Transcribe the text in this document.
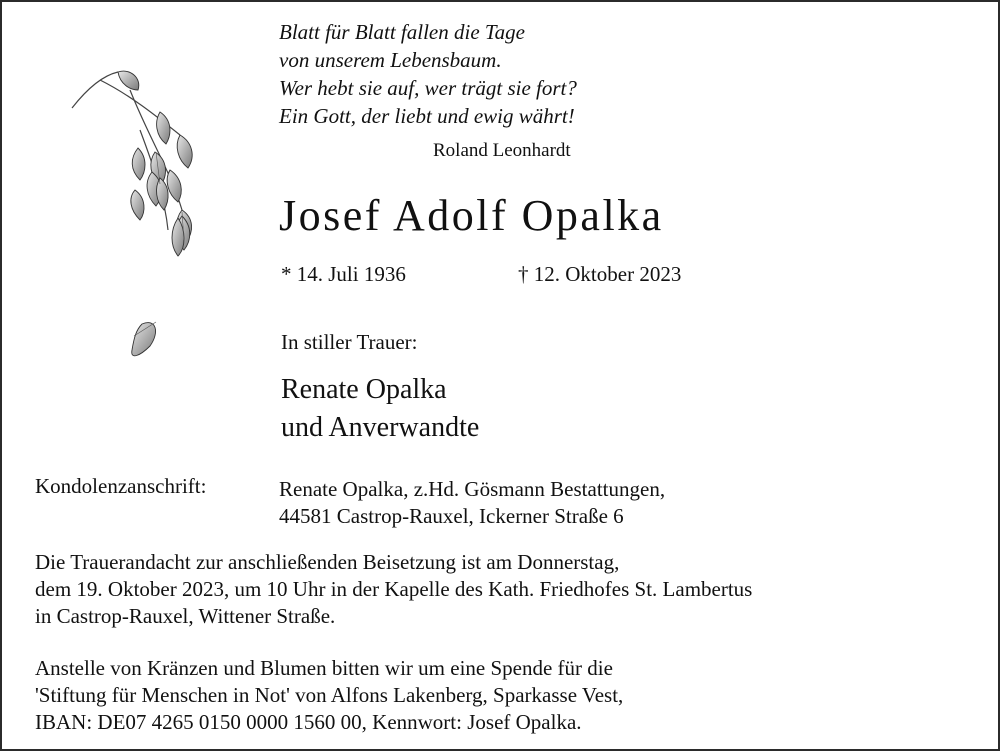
Blatt für Blatt fallen die Tage
von unserem Lebensbaum.
Wer hebt sie auf, wer trägt sie fort?
Ein Gott, der liebt und ewig währt!
Roland Leonhardt
Josef Adolf Opalka
* 14. Juli 1936	† 12. Oktober 2023
In stiller Trauer:
Renate Opalka
und Anverwandte
Kondolenzanschrift:	Renate Opalka, z.Hd. Gösmann Bestattungen,
44581 Castrop-Rauxel, Ickerner Straße 6
Die Trauerandacht zur anschließenden Beisetzung ist am Donnerstag,
dem 19. Oktober 2023, um 10 Uhr in der Kapelle des Kath. Friedhofes St. Lambertus
in Castrop-Rauxel, Wittener Straße.
Anstelle von Kränzen und Blumen bitten wir um eine Spende für die
'Stiftung für Menschen in Not' von Alfons Lakenberg, Sparkasse Vest,
IBAN: DE07 4265 0150 0000 1560 00, Kennwort: Josef Opalka.
